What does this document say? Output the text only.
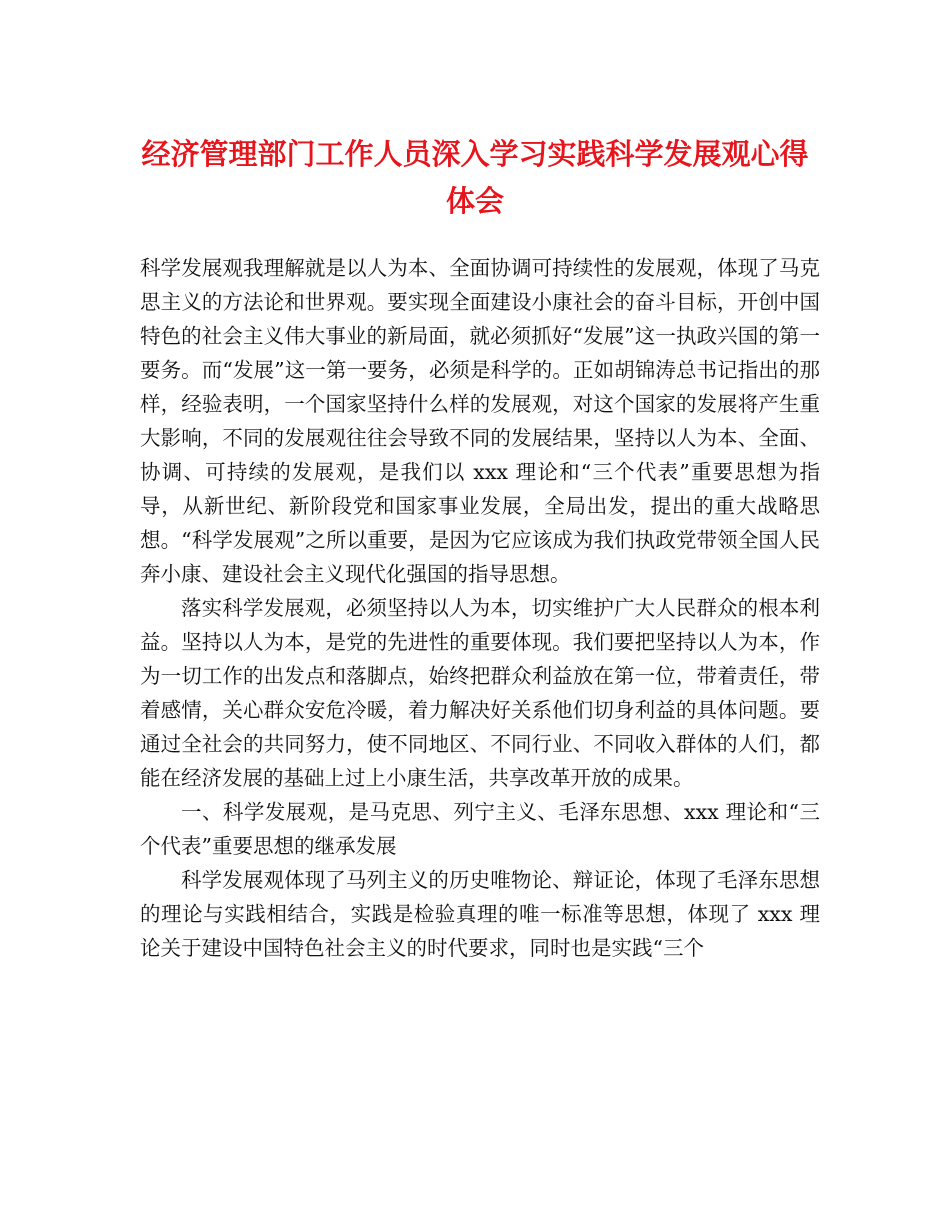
经济管理部门工作人员深入学习实践科学发展观心得体会

科学发展观我理解就是以人为本、全面协调可持续性的发展观，体现了马克思主义的方法论和世界观。要实现全面建设小康社会的奋斗目标，开创中国特色的社会主义伟大事业的新局面，就必须抓好“发展”这一执政兴国的第一要务。而“发展”这一第一要务，必须是科学的。正如胡锦涛总书记指出的那样，经验表明，一个国家坚持什么样的发展观，对这个国家的发展将产生重大影响，不同的发展观往往会导致不同的发展结果，坚持以人为本、全面、协调、可持续的发展观，是我们以 xxx 理论和“三个代表”重要思想为指导，从新世纪、新阶段党和国家事业发展，全局出发，提出的重大战略思想。“科学发展观”之所以重要，是因为它应该成为我们执政党带领全国人民奔小康、建设社会主义现代化强国的指导思想。

落实科学发展观，必须坚持以人为本，切实维护广大人民群众的根本利益。坚持以人为本，是党的先进性的重要体现。我们要把坚持以人为本，作为一切工作的出发点和落脚点，始终把群众利益放在第一位，带着责任，带着感情，关心群众安危冷暖，着力解决好关系他们切身利益的具体问题。要通过全社会的共同努力，使不同地区、不同行业、不同收入群体的人们，都能在经济发展的基础上过上小康生活，共享改革开放的成果。

一、科学发展观，是马克思、列宁主义、毛泽东思想、xxx 理论和“三个代表”重要思想的继承发展

科学发展观体现了马列主义的历史唯物论、辩证论，体现了毛泽东思想的理论与实践相结合，实践是检验真理的唯一标准等思想，体现了 xxx 理论关于建设中国特色社会主义的时代要求，同时也是实践“三个
